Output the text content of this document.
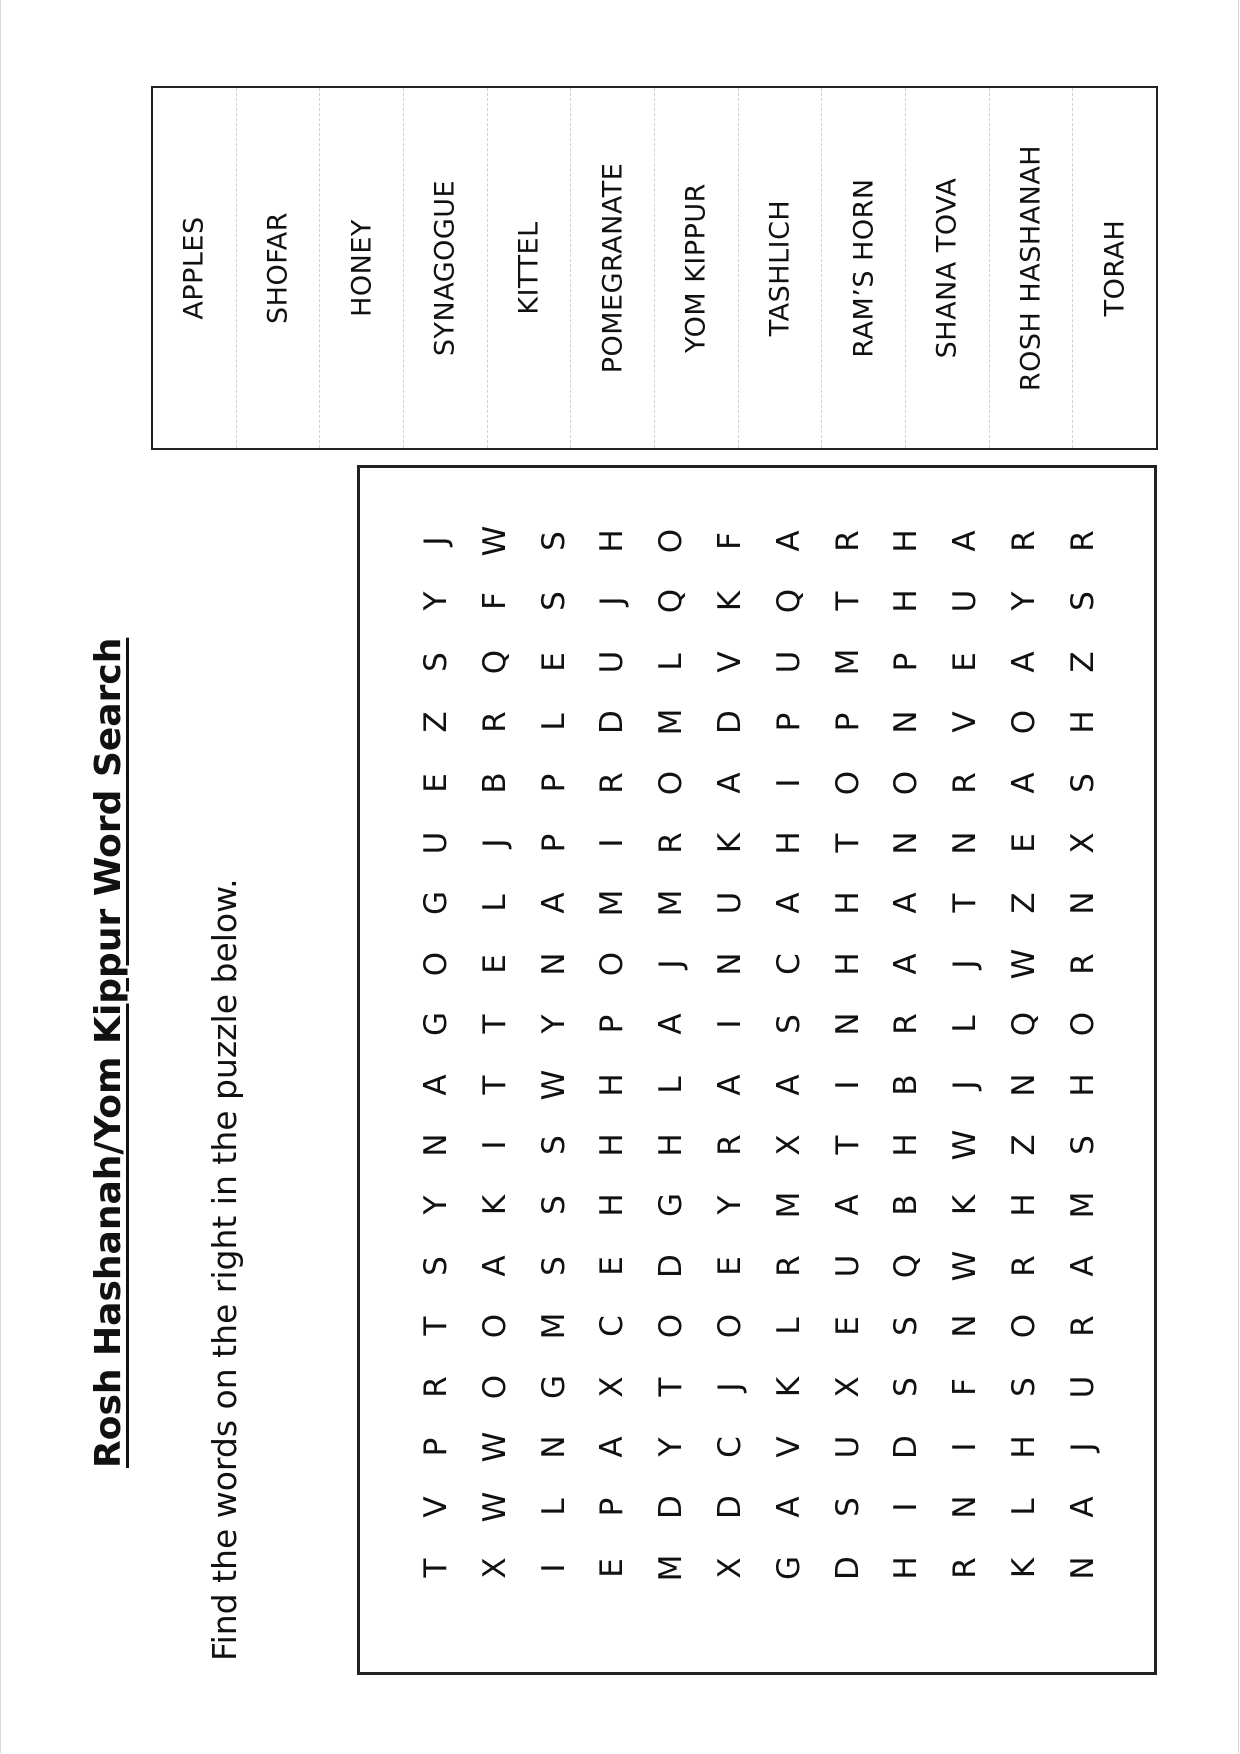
Rosh Hashanah/Yom Kippur Word Search Find the words on the right in the puzzle below.
APPLES SHOFAR HONEY SYNAGOGUE KITTEL POMEGRANATE YOM KIPPUR TASHLICH RAM’S HORN SHANA TOVA ROSH HASHANAH TORAH
J
Y
S
Z
E
U
G
O
G
A
N
Y
S
T
R
P
V
T
W
F
Q
R
B
J
L
E
T
T
I
K
A
O
O
W
W
X
S
S
E
L
P
P
A
N
Y
W
S
S
S
M
G
N
L
I
H
J
U
D
R
I
M
O
P
H
H
H
E
C
X
A
P
E
O
Q
L
M
O
R
M
J
A
L
H
G
D
O
T
Y
D
M
F
K
V
D
A
K
U
N
I
A
R
Y
E
O
J
C
D
X
A
Q
U
P
I
H
A
C
S
A
X
M
R
L
K
V
A
G
R
T
M
P
O
T
H
H
N
I
T
A
U
E
X
U
S
D
H
H
P
N
O
N
A
A
R
B
H
B
Q
S
S
D
I
H
A
U
E
V
R
N
T
J
L
J
W
K
W
N
F
I
N
R
R
Y
A
O
A
E
Z
W
Q
N
Z
H
R
O
S
H
L
K
R
S
Z
H
S
X
N
R
O
H
S
M
A
R
U
J
A
N
